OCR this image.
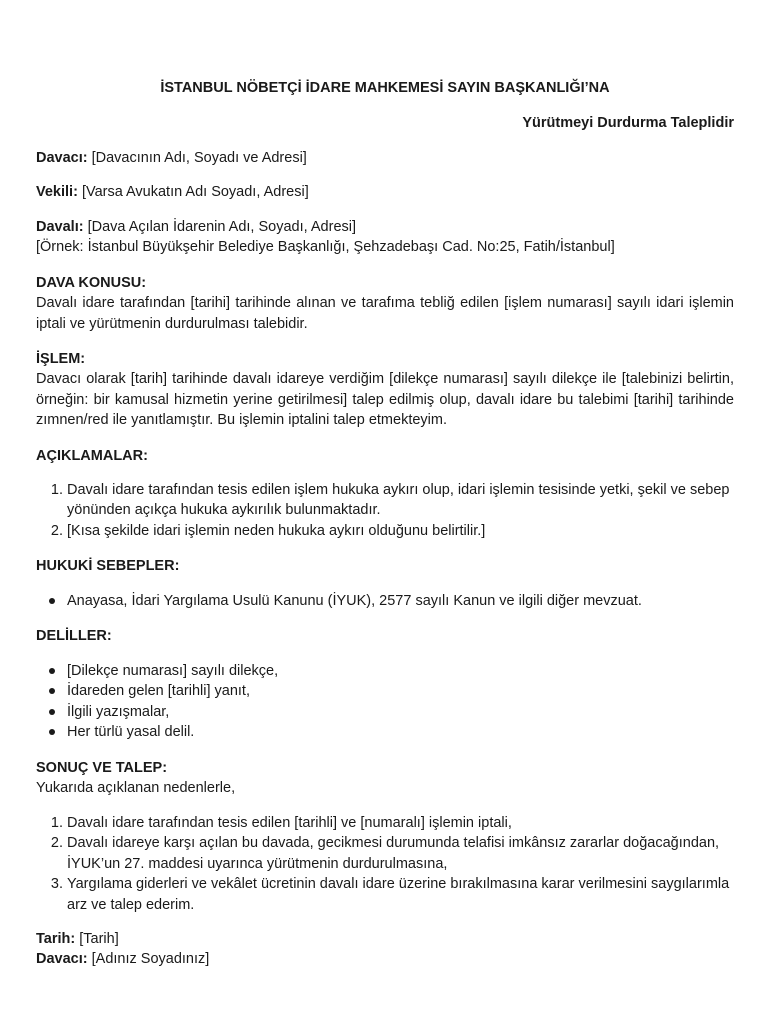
İSTANBUL NÖBETÇİ İDARE MAHKEMESİ SAYIN BAŞKANLIĞI’NA
Yürütmeyi Durdurma Taleplidir
Davacı: [Davacının Adı, Soyadı ve Adresi]
Vekili: [Varsa Avukatın Adı Soyadı, Adresi]
Davalı: [Dava Açılan İdarenin Adı, Soyadı, Adresi]
[Örnek: İstanbul Büyükşehir Belediye Başkanlığı, Şehzadebaşı Cad. No:25, Fatih/İstanbul]
DAVA KONUSU:
Davalı idare tarafından [tarihi] tarihinde alınan ve tarafıma tebliğ edilen [işlem numarası] sayılı idari işlemin iptali ve yürütmenin durdurulması talebidir.
İŞLEM:
Davacı olarak [tarih] tarihinde davalı idareye verdiğim [dilekçe numarası] sayılı dilekçe ile [talebinizi belirtin, örneğin: bir kamusal hizmetin yerine getirilmesi] talep edilmiş olup, davalı idare bu talebimi [tarihi] tarihinde zımnen/red ile yanıtlamıştır. Bu işlemin iptalini talep etmekteyim.
AÇIKLAMALAR:
1. Davalı idare tarafından tesis edilen işlem hukuka aykırı olup, idari işlemin tesisinde yetki, şekil ve sebep yönünden açıkça hukuka aykırılık bulunmaktadır.
2. [Kısa şekilde idari işlemin neden hukuka aykırı olduğunu belirtilir.]
HUKUKİ SEBEPLER:
Anayasa, İdari Yargılama Usulü Kanunu (İYUK), 2577 sayılı Kanun ve ilgili diğer mevzuat.
DELİLLER:
[Dilekçe numarası] sayılı dilekçe,
İdareden gelen [tarihli] yanıt,
İlgili yazışmalar,
Her türlü yasal delil.
SONUÇ VE TALEP:
Yukarıda açıklanan nedenlerle,
1. Davalı idare tarafından tesis edilen [tarihli] ve [numaralı] işlemin iptali,
2. Davalı idareye karşı açılan bu davada, gecikmesi durumunda telafisi imkânsız zararlar doğacağından, İYUK’un 27. maddesi uyarınca yürütmenin durdurulmasına,
3. Yargılama giderleri ve vekâlet ücretinin davalı idare üzerine bırakılmasına karar verilmesini saygılarımla arz ve talep ederim.
Tarih: [Tarih]
Davacı: [Adınız Soyadınız]
